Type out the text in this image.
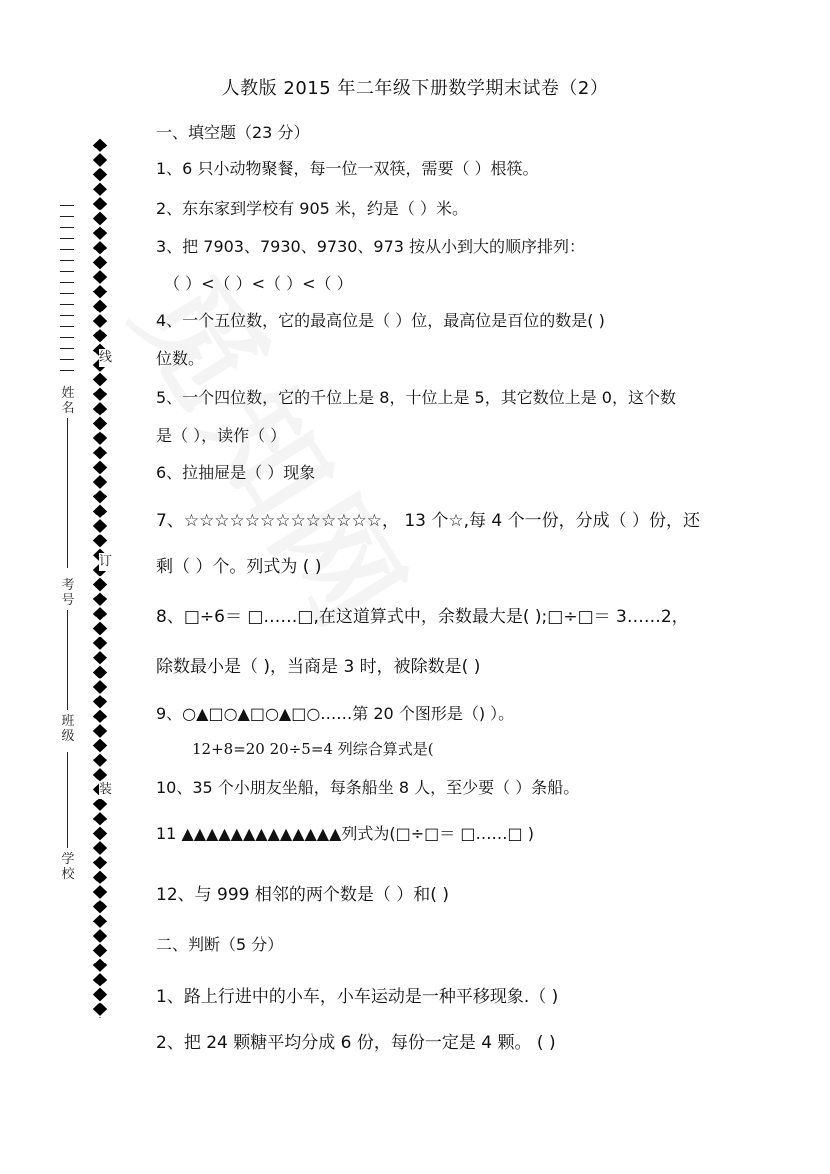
线
订
装
姓名
考号
班级
学校
人教版 2015 年二年级下册数学期末试卷（2）
一、填空题（23 分）
1、6 只小动物聚餐，每一位一双筷，需要（ ）根筷。
2、东东家到学校有 905 米，约是（ ）米。
3、把 7903、7930、9730、973 按从小到大的顺序排列：
（ ）<（ ）<（ ）<（ ）
4、一个五位数，它的最高位是（ ）位，最高位是百位的数是( )
位数。
5、一个四位数，它的千位上是 8，十位上是 5，其它数位上是 0，这个数
是（ ），读作（ ）
6、拉抽屉是（ ）现象
7、☆☆☆☆☆☆☆☆☆☆☆☆☆， 13 个☆,每 4 个一份，分成（ ）份，还
剩（ ）个。列式为 ( )
8、□÷6＝ □……□,在这道算式中，余数最大是( );□÷□＝ 3……2，
除数最小是（ )，当商是 3 时，被除数是( )
9、○▲□○▲□○▲□○……第 20 个图形是（) ）。
12+8=20 20÷5=4 列综合算式是(
10、35 个小朋友坐船，每条船坐 8 人，至少要（ ）条船。
11 ▲▲▲▲▲▲▲▲▲▲▲▲▲列式为(□÷□＝ □……□ )
12、与 999 相邻的两个数是（ ）和( )
二、判断（5 分）
1、路上行进中的小车，小车运动是一种平移现象.（ )
2、把 24 颗糖平均分成 6 份，每份一定是 4 颗。 ( )
